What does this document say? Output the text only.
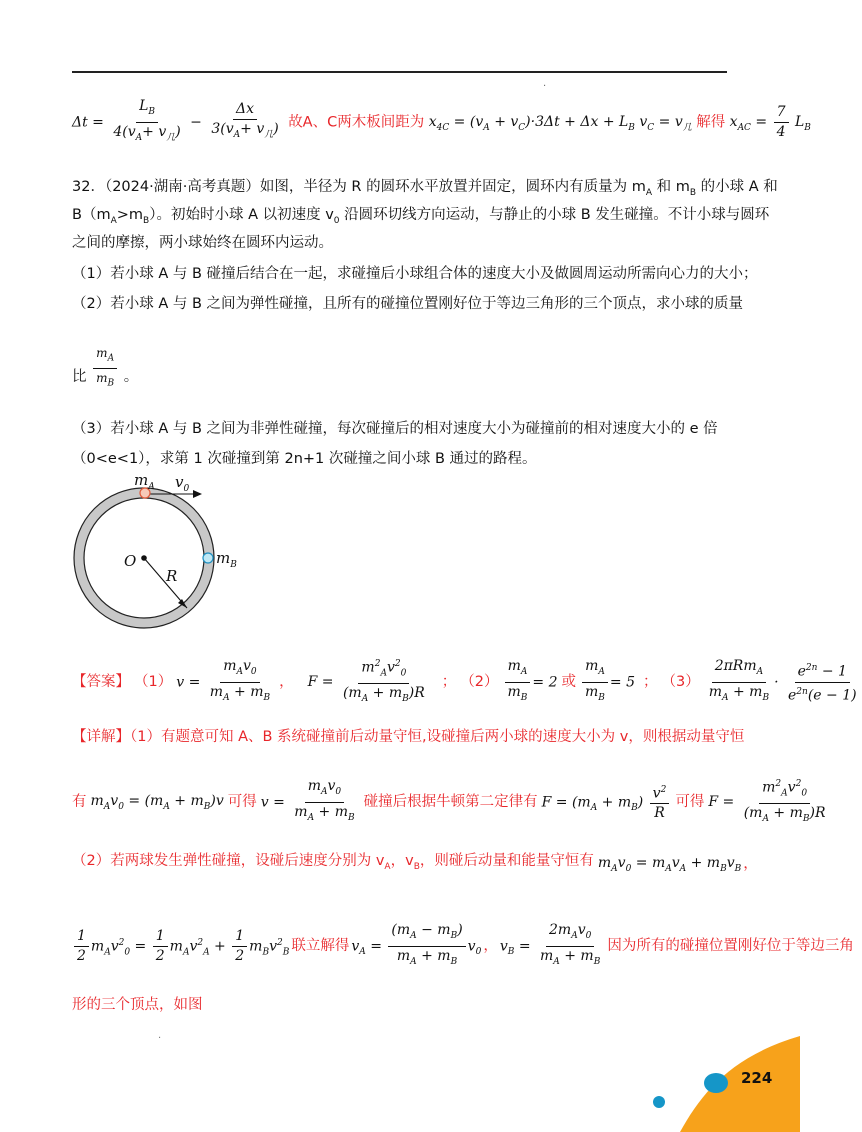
.
$\Delta t = \frac{L_B}{4(v_A+ v_几)} - \frac{\Delta x}{3(v_A+ v_几)}$ 故A、C两木板间距为 $x_{4C} = (v_A + v_C)\cdot 3\Delta t + \Delta x + L_B$ $v_C = v_几$ 解得 $x_{AC} = \frac{7}{4} L_B$
32．（2024·湖南·高考真题）如图，半径为 R 的圆环水平放置并固定，圆环内有质量为 $m_A$ 和 $m_B$ 的小球 A 和
$B(m_A>m_B)$。初始时小球 A 以初速度 $v_0$ 沿圆环切线方向运动，与静止的小球 B 发生碰撞。不计小球与圆环
之间的摩擦，两小球始终在圆环内运动。
（1）若小球 A 与 B 碰撞后结合在一起，求碰撞后小球组合体的速度大小及做圆周运动所需向心力的大小；
（2）若小球 A 与 B 之间为弹性碰撞，且所有的碰撞位置刚好位于等边三角形的三个顶点，求小球的质量
比 $\frac{m_A}{m_B}$ 。
（3）若小球 A 与 B 之间为非弹性碰撞，每次碰撞后的相对速度大小为碰撞前的相对速度大小的 e 倍
（0<e<1），求第 1 次碰撞到第 2n+1 次碰撞之间小球 B 通过的路程。
$m_A$ $v_0$
O
R
$m_B$
【答案】 （1） $v = \frac{m_Av_0}{m_A + m_B}$ ， $F = \frac{m^2_Av^2_0}{(m_A + m_B)R}$ ； $(2) \frac{m_A}{m_B} = 2$ 或 $\frac{m_A}{m_B} = 5$ ； $(3) \frac{2\pi Rm_A}{m_A + m_B} \cdot \frac{e^{2n} - 1}{e^{2n}(e - 1)}$
【详解】（1）有题意可知 A、B 系统碰撞前后动量守恒,设碰撞后两小球的速度大小为 v，则根据动量守恒
有 $m_Av_0 = (m_A + m_B)v$ 可得 $v = \frac{m_Av_0}{m_A + m_B}$ 碰撞后根据牛顿第二定律有 $F = (m_A + m_B) \frac{v^2}{R}$ 可得 $F = \frac{m^2_Av^2_0}{(m_A + m_B)R}$
（2）若两球发生弹性碰撞，设碰后速度分别为 $v_A$，$v_B$，则碰后动量和能量守恒有 $m_Av_0 = m_Av_A + m_Bv_B$ ，
$\frac{1}{2} m_Av^2_0 = \frac{1}{2} m_Av^2_A + \frac{1}{2} m_Bv^2_B$ 联立解得 $v_A = \frac{(m_A - m_B)}{m_A + m_B} v_0$ ， $v_B = \frac{2m_Av_0}{m_A + m_B}$ 因为所有的碰撞位置刚好位于等边三角
形的三个顶点，如图
.
224
